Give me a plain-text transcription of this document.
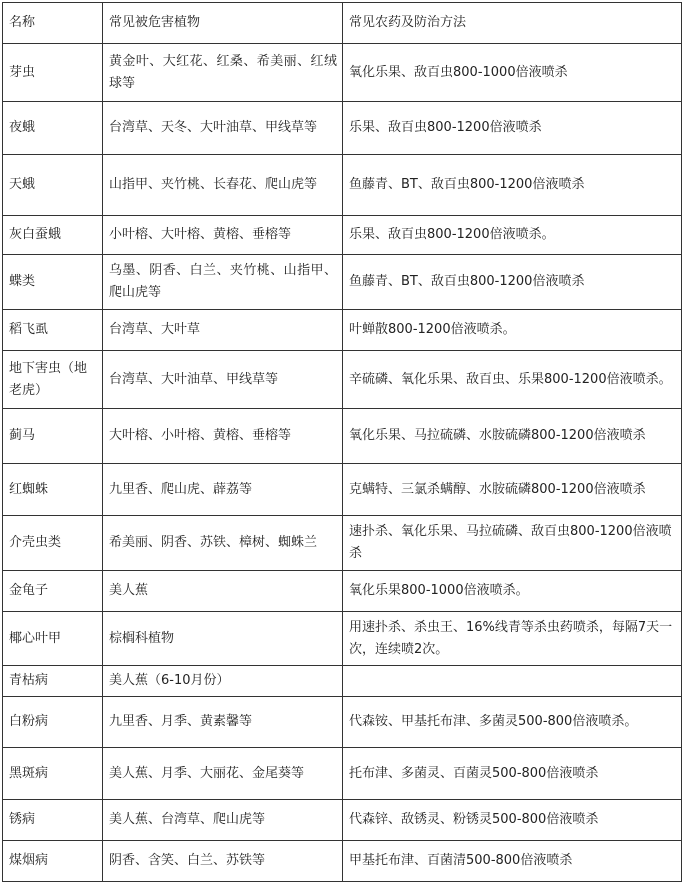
名称	常见被危害植物	常见农药及防治方法
芽虫	黄金叶、大红花、红桑、希美丽、红绒球等	氧化乐果、敌百虫800-1000倍液喷杀
夜蛾	台湾草、天冬、大叶油草、甲线草等	乐果、敌百虫800-1200倍液喷杀
天蛾	山指甲、夹竹桃、长春花、爬山虎等	鱼藤青、BT、敌百虫800-1200倍液喷杀
灰白蚕蛾	小叶榕、大叶榕、黄榕、垂榕等	乐果、敌百虫800-1200倍液喷杀。
蝶类	乌墨、阴香、白兰、夹竹桃、山指甲、爬山虎等	鱼藤青、BT、敌百虫800-1200倍液喷杀
稻飞虱	台湾草、大叶草	叶蝉散800-1200倍液喷杀。
地下害虫（地老虎）	台湾草、大叶油草、甲线草等	辛硫磷、氧化乐果、敌百虫、乐果800-1200倍液喷杀。
蓟马	大叶榕、小叶榕、黄榕、垂榕等	氧化乐果、马拉硫磷、水胺硫磷800-1200倍液喷杀
红蜘蛛	九里香、爬山虎、薜荔等	克螨特、三氯杀螨醇、水胺硫磷800-1200倍液喷杀
介壳虫类	希美丽、阴香、苏铁、樟树、蜘蛛兰	速扑杀、氧化乐果、马拉硫磷、敌百虫800-1200倍液喷杀
金龟子	美人蕉	氧化乐果800-1000倍液喷杀。
椰心叶甲	棕榈科植物	用速扑杀、杀虫王、16%线青等杀虫药喷杀，每隔7天一次，连续喷2次。
青枯病	美人蕉（6-10月份）	
白粉病	九里香、月季、黄素馨等	代森铵、甲基托布津、多菌灵500-800倍液喷杀。
黑斑病	美人蕉、月季、大丽花、金尾葵等	托布津、多菌灵、百菌灵500-800倍液喷杀
锈病	美人蕉、台湾草、爬山虎等	代森锌、敌锈灵、粉锈灵500-800倍液喷杀
煤烟病	阴香、含笑、白兰、苏铁等	甲基托布津、百菌清500-800倍液喷杀
